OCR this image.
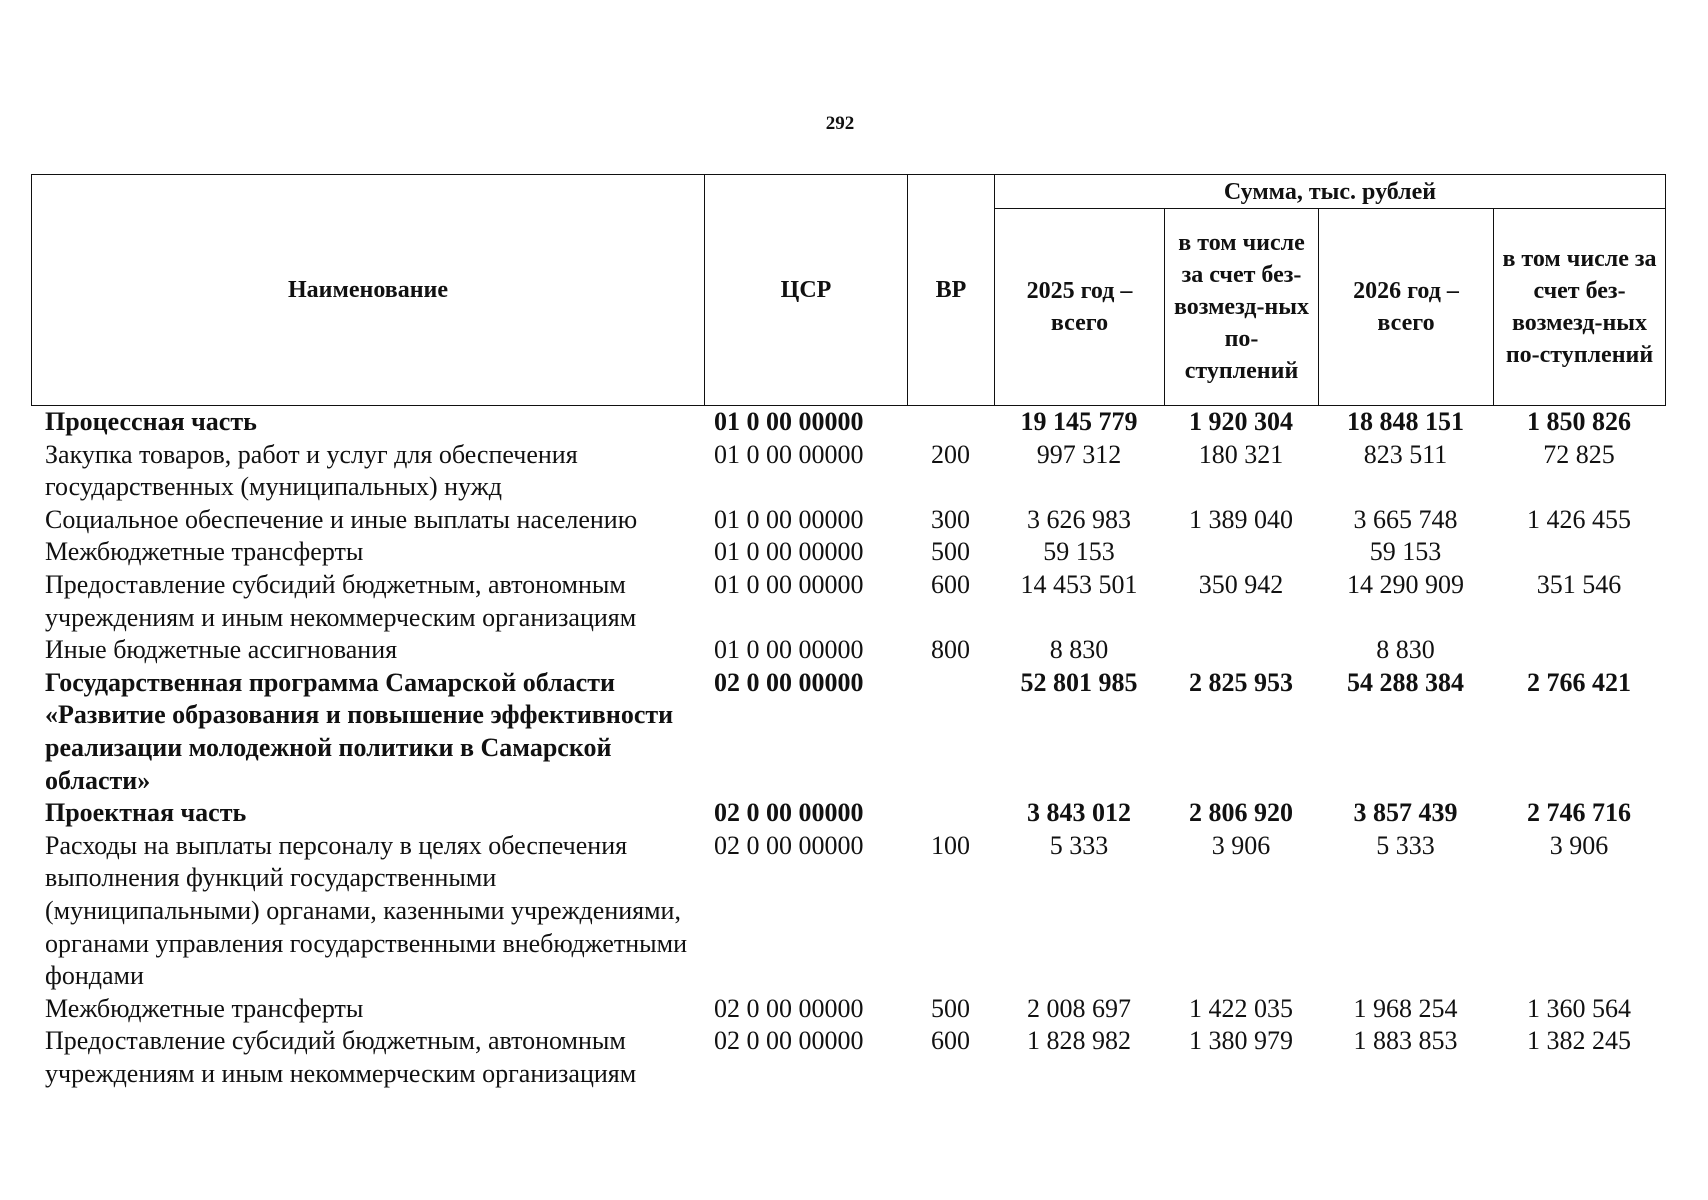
292
Наименование	ЦСР	ВР	Сумма, тыс. рублей			
			2025 год – всего	в том числе за счет без-возмезд-ных по-ступлений	2026 год – всего	в том числе за счет без-возмезд-ных по-ступлений
Процессная часть	01 0 00 00000		19 145 779	1 920 304	18 848 151	1 850 826
Закупка товаров, работ и услуг для обеспечения государственных (муниципальных) нужд	01 0 00 00000	200	997 312	180 321	823 511	72 825
Социальное обеспечение и иные выплаты населению	01 0 00 00000	300	3 626 983	1 389 040	3 665 748	1 426 455
Межбюджетные трансферты	01 0 00 00000	500	59 153		59 153	
Предоставление субсидий бюджетным, автономным учреждениям и иным некоммерческим организациям	01 0 00 00000	600	14 453 501	350 942	14 290 909	351 546
Иные бюджетные ассигнования	01 0 00 00000	800	8 830		8 830	
Государственная программа Самарской области «Развитие образования и повышение эффективности реализации молодежной политики в Самарской области»	02 0 00 00000		52 801 985	2 825 953	54 288 384	2 766 421
Проектная часть	02 0 00 00000		3 843 012	2 806 920	3 857 439	2 746 716
Расходы на выплаты персоналу в целях обеспечения выполнения функций государственными (муниципальными) органами, казенными учреждениями, органами управления государственными внебюджетными фондами	02 0 00 00000	100	5 333	3 906	5 333	3 906
Межбюджетные трансферты	02 0 00 00000	500	2 008 697	1 422 035	1 968 254	1 360 564
Предоставление субсидий бюджетным, автономным учреждениям и иным некоммерческим организациям	02 0 00 00000	600	1 828 982	1 380 979	1 883 853	1 382 245
